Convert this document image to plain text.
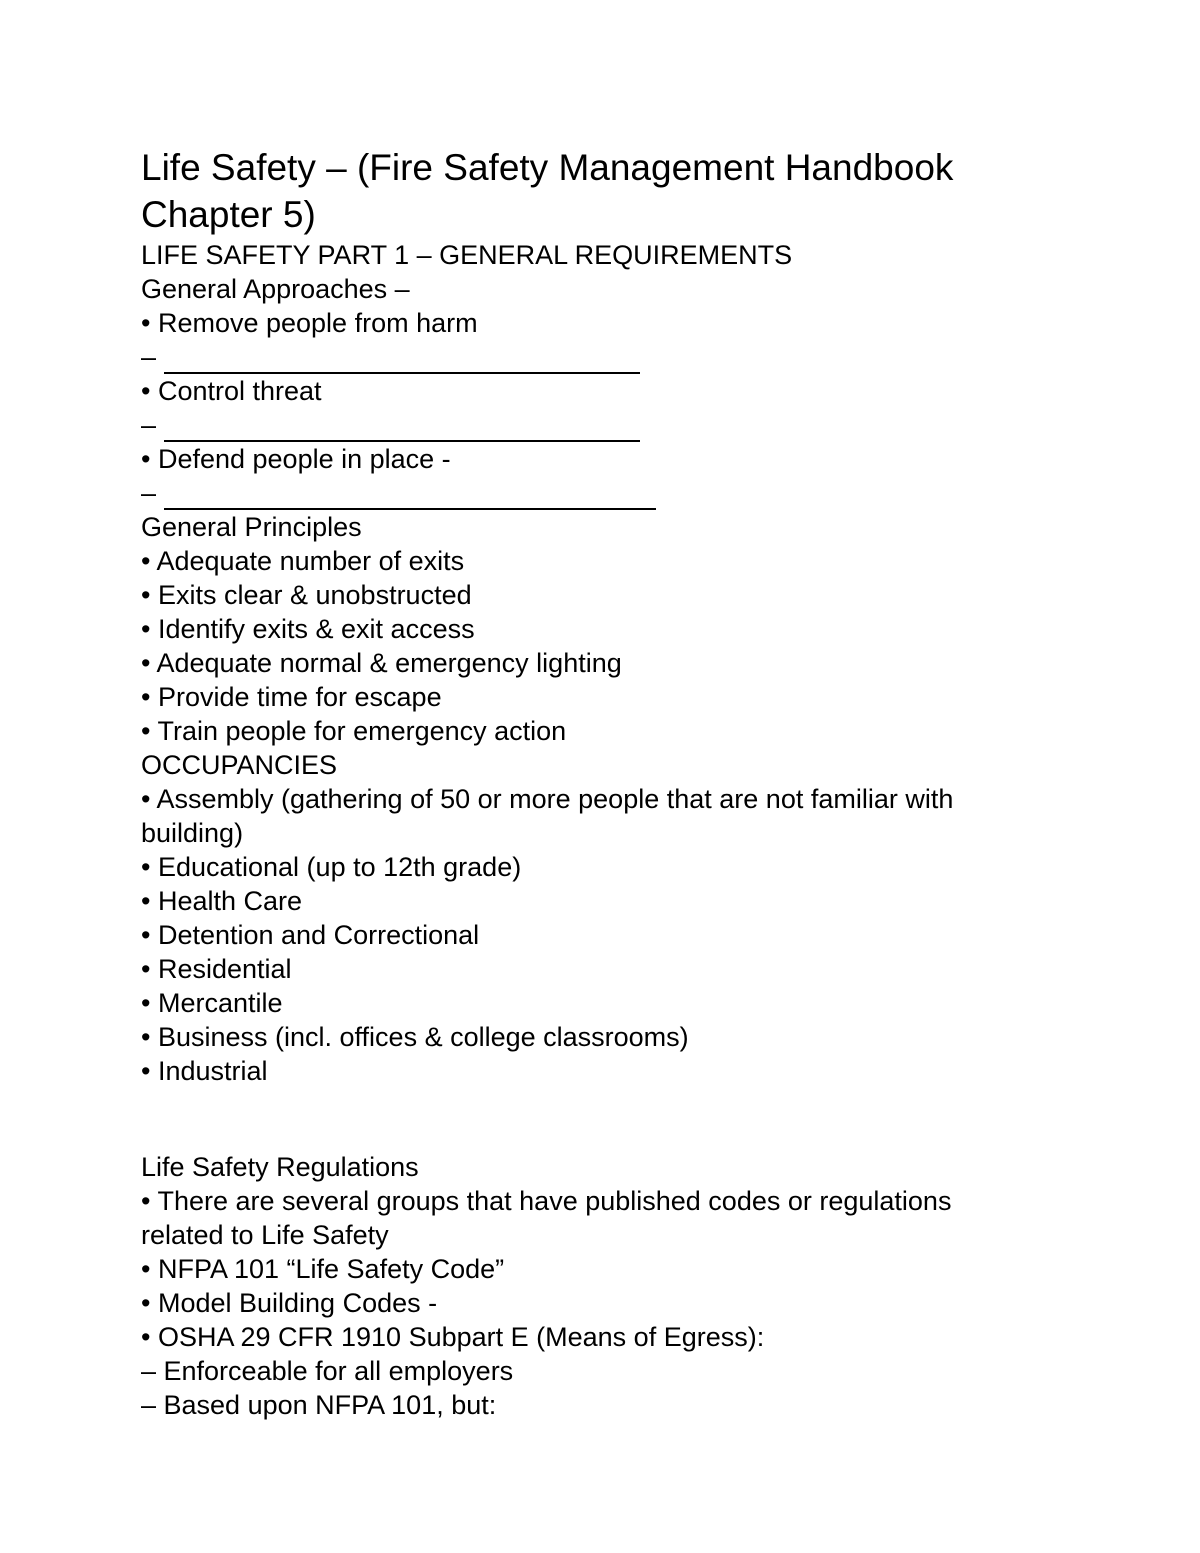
Life Safety – (Fire Safety Management Handbook Chapter 5)
LIFE SAFETY PART 1 – GENERAL REQUIREMENTS
General Approaches –
• Remove people from harm
–
• Control threat
–
• Defend people in place -
–
General Principles
• Adequate number of exits
• Exits clear & unobstructed
• Identify exits & exit access
• Adequate normal & emergency lighting
• Provide time for escape
• Train people for emergency action
OCCUPANCIES
• Assembly (gathering of 50 or more people that are not familiar with building)
• Educational (up to 12th grade)
• Health Care
• Detention and Correctional
• Residential
• Mercantile
• Business (incl. offices & college classrooms)
• Industrial
Life Safety Regulations
• There are several groups that have published codes or regulations related to Life Safety
• NFPA 101 “Life Safety Code”
• Model Building Codes -
• OSHA 29 CFR 1910 Subpart E (Means of Egress):
– Enforceable for all employers
– Based upon NFPA 101, but:
